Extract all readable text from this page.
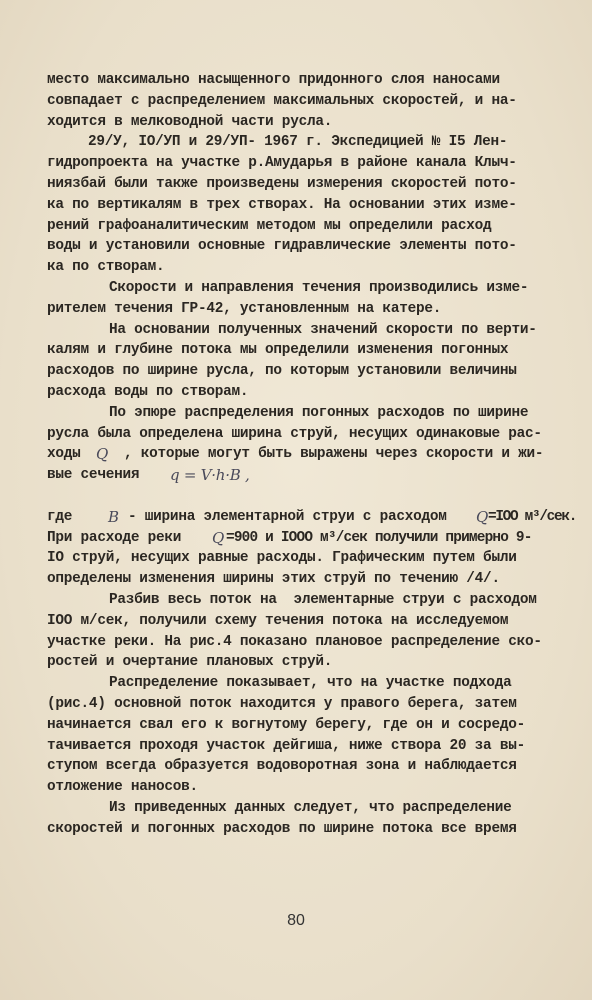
место максимально насыщенного придонного слоя наносами
совпадает с распределением максимальных скоростей, и на-
ходится в мелководной части русла.
29/У, IO/УП и 29/УП- 1967 г. Экспедицией № I5 Лен-
гидропроекта на участке р.Амударья в районе канала Клыч-
ниязбай были также произведены измерения скоростей пото-
ка по вертикалям в трех створах. На основании этих изме-
рений графоаналитическим методом мы определили расход
воды и установили основные гидравлические элементы пото-
ка по створам.
Скорости и направления течения производились изме-
рителем течения ГР-42, установленным на катере.
На основании полученных значений скорости по верти-
калям и глубине потока мы определили изменения погонных
расходов по ширине русла, по которым установили величины
расхода воды по створам.
По эпюре распределения погонных расходов по ширине
русла была определена ширина струй, несущих одинаковые рас-

ходы

Q

, которые могут быть выражены через скорости и жи-

вые сечения

q = V·h·B ,

где

B

- ширина элементарной струи с расходом

Q

=IOO м³/сек.

При расходе реки

Q

=900 и IOOO м³/сек получили примерно 9-

IO струй, несущих равные расходы. Графическим путем были
определены изменения ширины этих струй по течению /4/.
Разбив весь поток на  элементарные струи с расходом
IOO м/сек, получили схему течения потока на исследуемом
участке реки. На рис.4 показано плановое распределение ско-
ростей и очертание плановых струй.
Распределение показывает, что на участке подхода
(рис.4) основной поток находится у правого берега, затем
начинается свал его к вогнутому берегу, где он и сосредо-
тачивается проходя участок дейгиша, ниже створа 20 за вы-
ступом всегда образуется водоворотная зона и наблюдается
отложение наносов.
Из приведенных данных следует, что распределение
скоростей и погонных расходов по ширине потока все время
80
